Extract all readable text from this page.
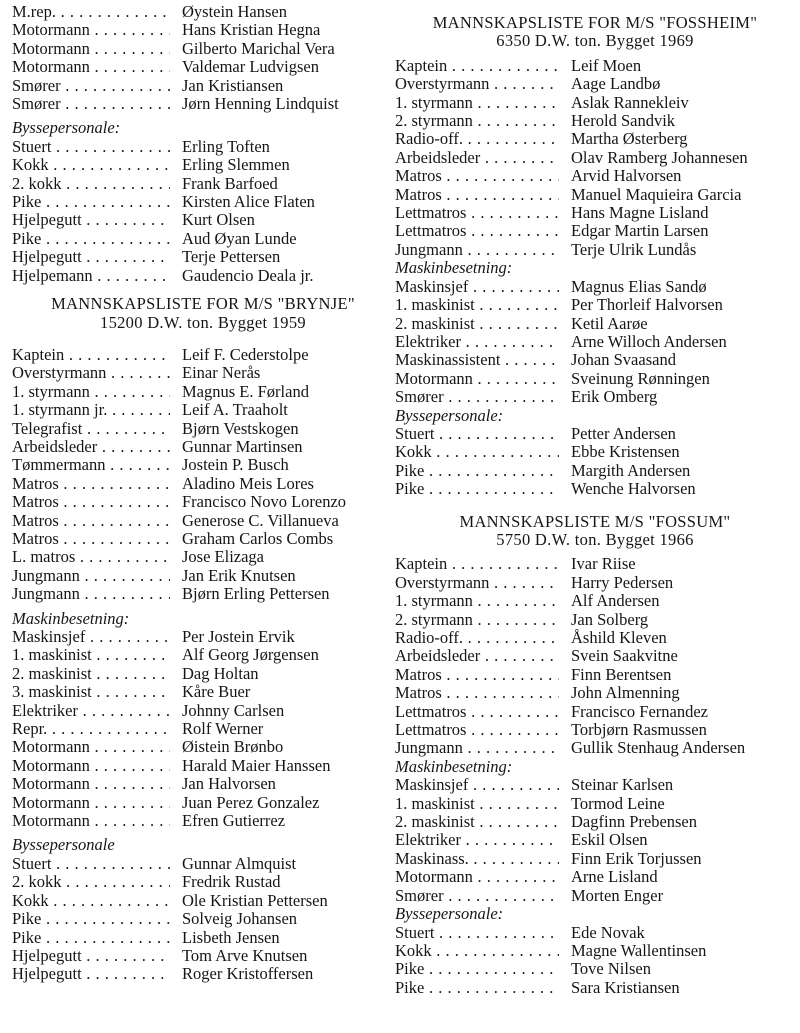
M.rep. . . .	Øystein Hansen
Motormann . . .	Hans Kristian Hegna
Motormann . . .	Gilberto Marichal Vera
Motormann . . .	Valdemar Ludvigsen
Smører . . .	Jan Kristiansen
Smører . . .	Jørn Henning Lindquist
Byssepersonale:
Stuert . . .	Erling Toften
Kokk . . .	Erling Slemmen
2. kokk . . .	Frank Barfoed
Pike . . .	Kirsten Alice Flaten
Hjelpegutt . . .	Kurt Olsen
Pike . . .	Aud Øyan Lunde
Hjelpegutt . . .	Terje Pettersen
Hjelpemann . . .	Gaudencio Deala jr.
MANNSKAPSLISTE FOR M/S "BRYNJE"
15200 D.W. ton. Bygget 1959
Kaptein . . .	Leif F. Cederstolpe
Overstyrmann . . .	Einar Nerås
1. styrmann . . .	Magnus E. Førland
1. styrmann jr. . . .	Leif A. Traaholt
Telegrafist . . .	Bjørn Vestskogen
Arbeidsleder . . .	Gunnar Martinsen
Tømmermann . . .	Jostein P. Busch
Matros . . .	Aladino Meis Lores
Matros . . .	Francisco Novo Lorenzo
Matros . . .	Generose C. Villanueva
Matros . . .	Graham Carlos Combs
L. matros . . .	Jose Elizaga
Jungmann . . .	Jan Erik Knutsen
Jungmann . . .	Bjørn Erling Pettersen
Maskinbesetning:
Maskinsjef . . .	Per Jostein Ervik
1. maskinist . . .	Alf Georg Jørgensen
2. maskinist . . .	Dag Holtan
3. maskinist . . .	Kåre Buer
Elektriker . . .	Johnny Carlsen
Repr. . . .	Rolf Werner
Motormann . . .	Øistein Brønbo
Motormann . . .	Harald Maier Hanssen
Motormann . . .	Jan Halvorsen
Motormann . . .	Juan Perez Gonzalez
Motormann . . .	Efren Gutierrez
Byssepersonale
Stuert . . .	Gunnar Almquist
2. kokk . . .	Fredrik Rustad
Kokk . . .	Ole Kristian Pettersen
Pike . . .	Solveig Johansen
Pike . . .	Lisbeth Jensen
Hjelpegutt . . .	Tom Arve Knutsen
Hjelpegutt . . .	Roger Kristoffersen
MANNSKAPSLISTE FOR M/S "FOSSHEIM"
6350 D.W. ton. Bygget 1969
Kaptein . . .	Leif Moen
Overstyrmann . . .	Aage Landbø
1. styrmann . . .	Aslak Rannekleiv
2. styrmann . . .	Herold Sandvik
Radio-off. . . .	Martha Østerberg
Arbeidsleder . . .	Olav Ramberg Johannesen
Matros . . .	Arvid Halvorsen
Matros . . .	Manuel Maquieira Garcia
Lettmatros . . .	Hans Magne Lisland
Lettmatros . . .	Edgar Martin Larsen
Jungmann . . .	Terje Ulrik Lundås
Maskinbesetning:
Maskinsjef . . .	Magnus Elias Sandø
1. maskinist . . .	Per Thorleif Halvorsen
2. maskinist . . .	Ketil Aarøe
Elektriker . . .	Arne Willoch Andersen
Maskinassistent . . .	Johan Svaasand
Motormann . . .	Sveinung Rønningen
Smører . . .	Erik Omberg
Byssepersonale:
Stuert . . .	Petter Andersen
Kokk . . .	Ebbe Kristensen
Pike . . .	Margith Andersen
Pike . . .	Wenche Halvorsen
MANNSKAPSLISTE M/S "FOSSUM"
5750 D.W. ton. Bygget 1966
Kaptein . . .	Ivar Riise
Overstyrmann . . .	Harry Pedersen
1. styrmann . . .	Alf Andersen
2. styrmann . . .	Jan Solberg
Radio-off. . . .	Åshild Kleven
Arbeidsleder . . .	Svein Saakvitne
Matros . . .	Finn Berentsen
Matros . . .	John Almenning
Lettmatros . . .	Francisco Fernandez
Lettmatros . . .	Torbjørn Rasmussen
Jungmann . . .	Gullik Stenhaug Andersen
Maskinbesetning:
Maskinsjef . . .	Steinar Karlsen
1. maskinist . . .	Tormod Leine
2. maskinist . . .	Dagfinn Prebensen
Elektriker . . .	Eskil Olsen
Maskinass. . . .	Finn Erik Torjussen
Motormann . . .	Arne Lisland
Smører . . .	Morten Enger
Byssepersonale:
Stuert . . .	Ede Novak
Kokk . . .	Magne Wallentinsen
Pike . . .	Tove Nilsen
Pike . . .	Sara Kristiansen
